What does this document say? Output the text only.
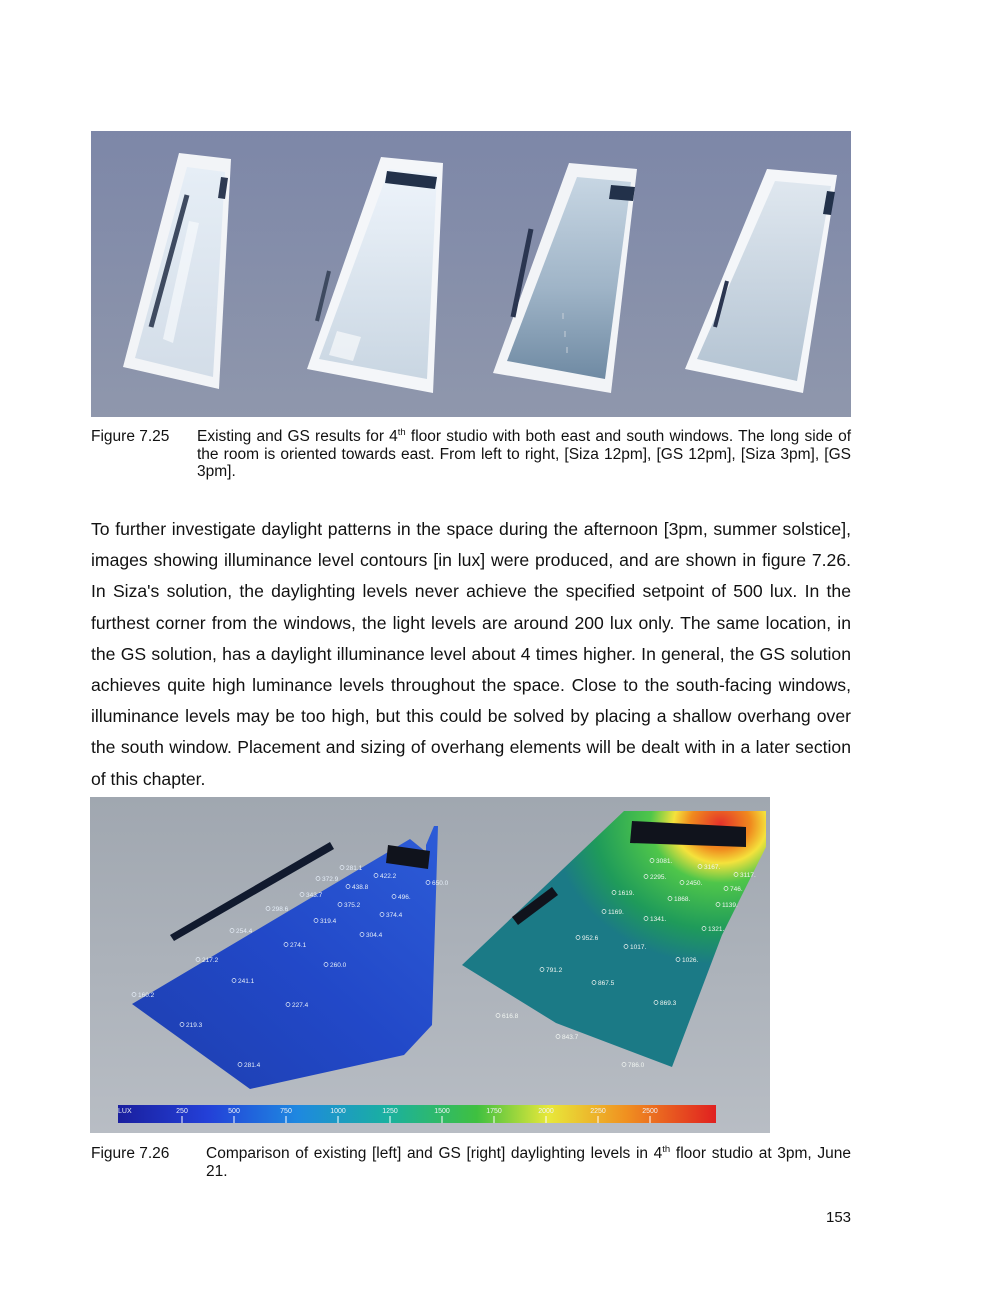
Figure 7.25 Existing and GS results for 4th floor studio with both east and south windows. The long side of the room is oriented towards east. From left to right, [Siza 12pm], [GS 12pm], [Siza 3pm], [GS 3pm].

To further investigate daylight patterns in the space during the afternoon [3pm, summer solstice], images showing illuminance level contours [in lux] were produced, and are shown in figure 7.26. In Siza's solution, the daylighting levels never achieve the specified setpoint of 500 lux. In the furthest corner from the windows, the light levels are around 200 lux only. The same location, in the GS solution, has a daylight illuminance level about 4 times higher. In general, the GS solution achieves quite high luminance levels throughout the space. Close to the south-facing windows, illuminance levels may be too high, but this could be solved by placing a shallow overhang over the south window. Placement and sizing of overhang elements will be dealt with in a later section of this chapter.

281.1
372.9	422.2
438.8
650.0
343.7	496.
375.2
298.6
374.4
319.4
254.4
304.4
274.1
217.2
260.0
241.1
160.2
227.4
219.3
281.4
3081.
3167.
3117.
2295.
2450.
746.
1619.
1868.
1139.
1169.
1341.
1321.
952.6
1017.
1026.
791.2
867.5
869.3
616.8
843.7
786.0
LUX	250	500	750	1000	1250	1500	1750	2000	2250	2500
Figure 7.26 Comparison of existing [left] and GS [right] daylighting levels in 4th floor studio at 3pm, June 21.
153
